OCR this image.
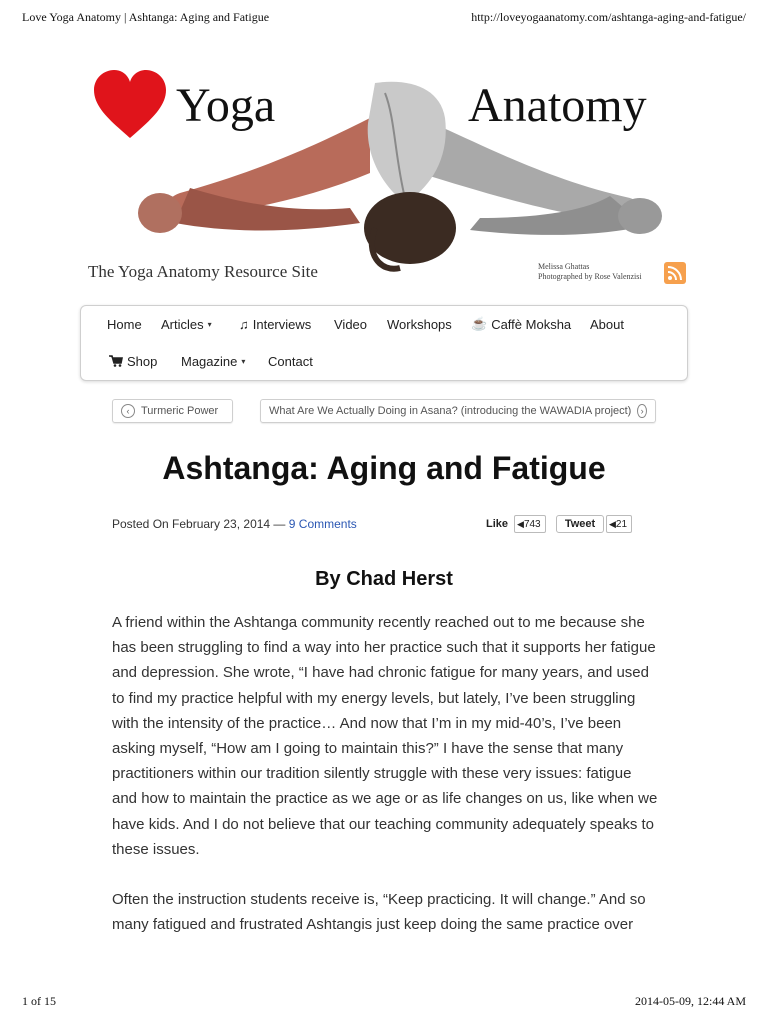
Love Yoga Anatomy | Ashtanga: Aging and Fatigue	http://loveyogaanatomy.com/ashtanga-aging-and-fatigue/
Yoga	Anatomy
The Yoga Anatomy Resource Site	Melissa Ghattas
Photographed by Rose Valenzisi
Home Articles ▾ ♫ Interviews Video Workshops ☕ Caffè Moksha About
Shop Magazine ▾ Contact
‹	Turmeric Power	What Are We Actually Doing in Asana? (introducing the WAWADIA project)	›
Ashtanga: Aging and Fatigue
Posted On February 23, 2014 — 9 Comments	Like ◀ 743	Tweet	◀ 21
By Chad Herst

A friend within the Ashtanga community recently reached out to me because she has been struggling to find a way into her practice such that it supports her fatigue and depression. She wrote, “I have had chronic fatigue for many years, and used to find my practice helpful with my energy levels, but lately, I’ve been struggling with the intensity of the practice… And now that I’m in my mid-40’s, I’ve been asking myself, “How am I going to maintain this?” I have the sense that many practitioners within our tradition silently struggle with these very issues: fatigue and how to maintain the practice as we age or as life changes on us, like when we have kids. And I do not believe that our teaching community adequately speaks to these issues.

Often the instruction students receive is, “Keep practicing. It will change.” And so many fatigued and frustrated Ashtangis just keep doing the same practice over

1 of 15	2014-05-09, 12:44 AM
